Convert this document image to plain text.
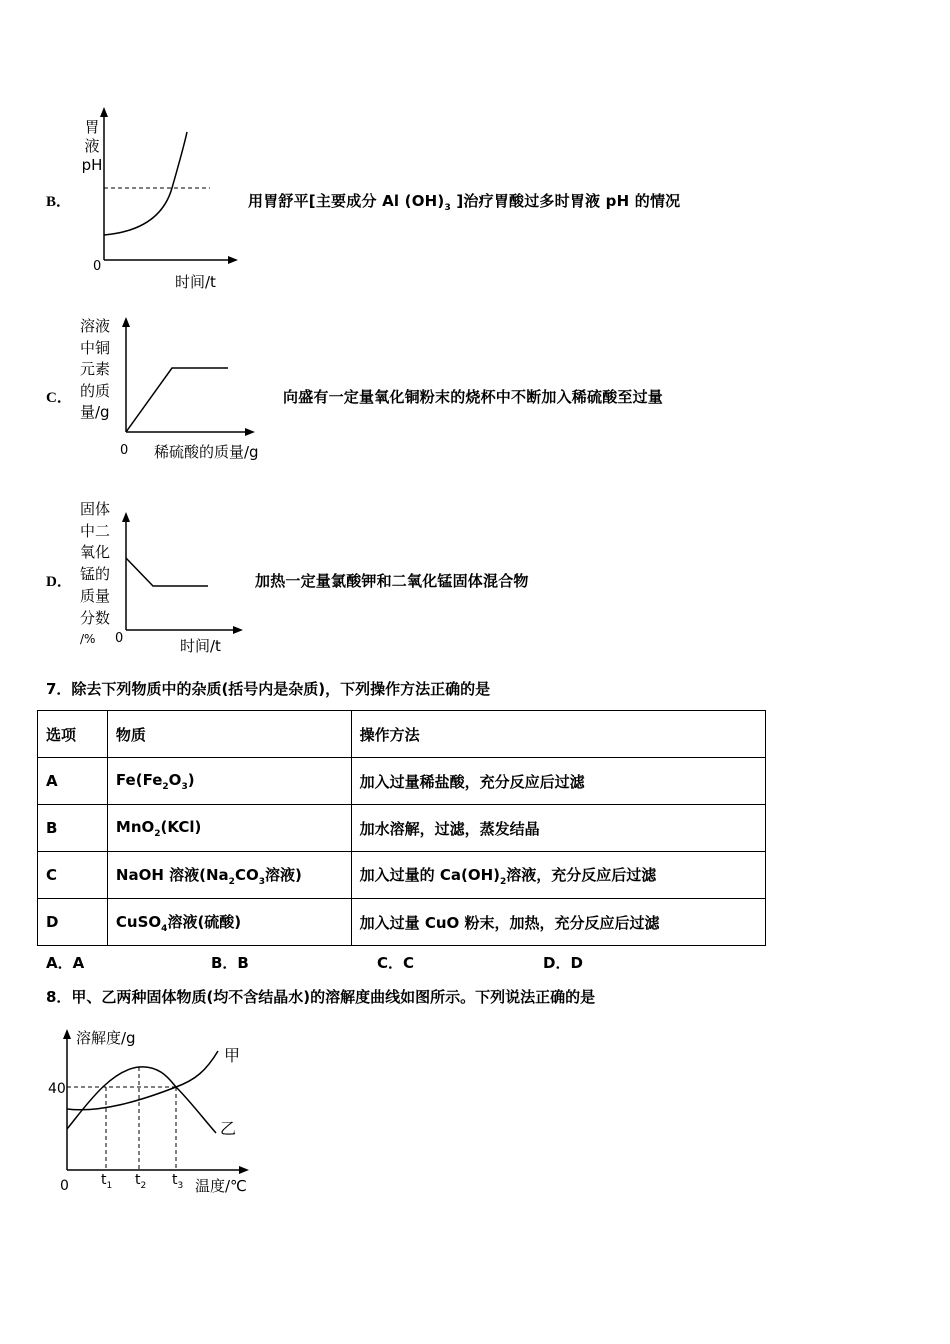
B．
胃
液
pH
0
时间/t
用胃舒平[主要成分 Al $(OH)_3$ ]治疗胃酸过多时胃液 pH 的情况
C．
溶液
中铜
元素
的质
量/g
0 稀硫酸的质量/g
向盛有一定量氧化铜粉末的烧杯中不断加入稀硫酸至过量
D．
固体
中二
氧化
锰的
质量
分数
/%	0	时间/t
加热一定量氯酸钾和二氧化锰固体混合物
7．除去下列物质中的杂质(括号内是杂质)，下列操作方法正确的是
选项	物质	操作方法
A	$Fe(Fe_2O_3)$	加入过量稀盐酸，充分反应后过滤
B	MnO$_2$(KCl)	加水溶解，过滤，蒸发结晶
C	NaOH 溶液($Na_2CO_3$溶液)	加入过量的 $Ca(OH)_2$溶液，充分反应后过滤
D	CuSO$_4$溶液(硫酸)	加入过量 CuO 粉末，加热，充分反应后过滤
A．A	B．B	C．C	D．D
8．甲、乙两种固体物质(均不含结晶水)的溶解度曲线如图所示。下列说法正确的是
溶解度/g
40
0 $t_1$ $t_2$ $t_3$ 温度/℃
甲
乙
